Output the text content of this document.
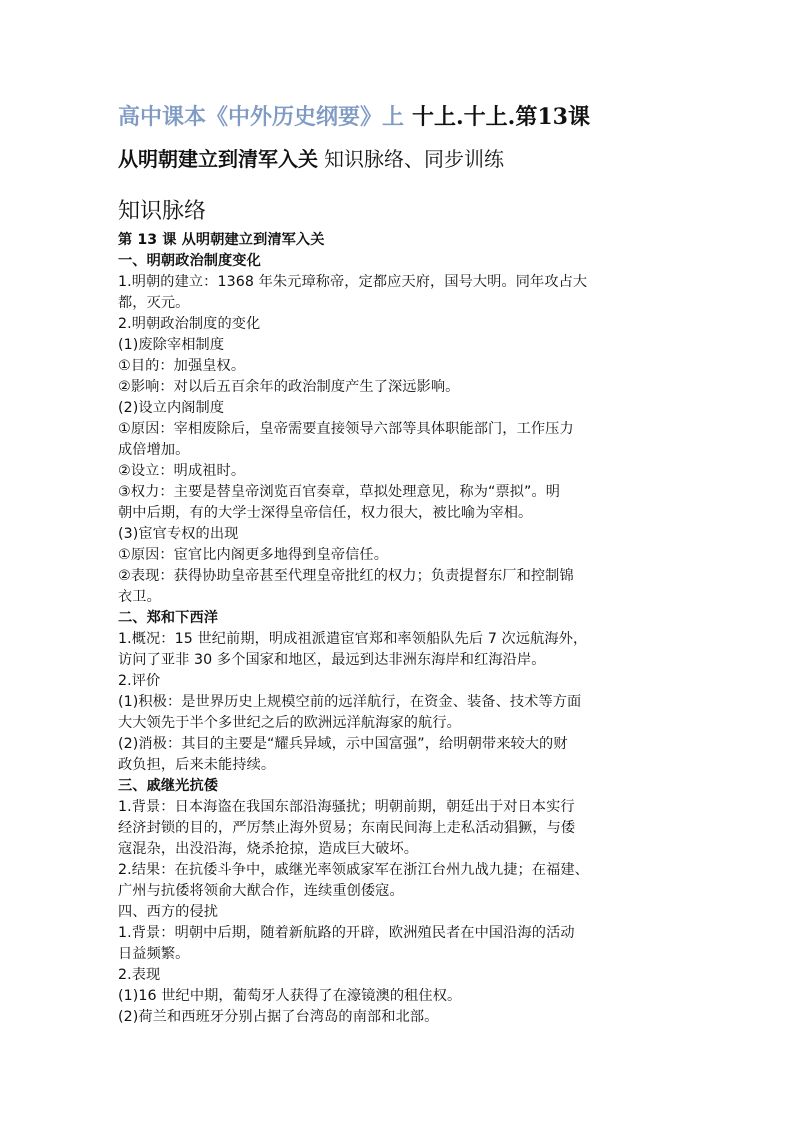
高中课本《中外历史纲要》上 十上.十上.第13课
从明朝建立到清军入关 知识脉络、同步训练
知识脉络
第 13 课 从明朝建立到清军入关
一、明朝政治制度变化
1.明朝的建立：1368 年朱元璋称帝，定都应天府，国号大明。同年攻占大
都，灭元。
2.明朝政治制度的变化
(1)废除宰相制度
①目的：加强皇权。
②影响：对以后五百余年的政治制度产生了深远影响。
(2)设立内阁制度
①原因：宰相废除后，皇帝需要直接领导六部等具体职能部门，工作压力
成倍增加。
②设立：明成祖时。
③权力：主要是替皇帝浏览百官奏章，草拟处理意见，称为“票拟”。明
朝中后期，有的大学士深得皇帝信任，权力很大，被比喻为宰相。
(3)宦官专权的出现
①原因：宦官比内阁更多地得到皇帝信任。
②表现：获得协助皇帝甚至代理皇帝批红的权力；负责提督东厂和控制锦
衣卫。
二、郑和下西洋
1.概况：15 世纪前期，明成祖派遣宦官郑和率领船队先后 7 次远航海外，
访问了亚非 30 多个国家和地区，最远到达非洲东海岸和红海沿岸。
2.评价
(1)积极：是世界历史上规模空前的远洋航行，在资金、装备、技术等方面
大大领先于半个多世纪之后的欧洲远洋航海家的航行。
(2)消极：其目的主要是“耀兵异域，示中国富强”，给明朝带来较大的财
政负担，后来未能持续。
三、戚继光抗倭
1.背景：日本海盗在我国东部沿海骚扰；明朝前期，朝廷出于对日本实行
经济封锁的目的，严厉禁止海外贸易；东南民间海上走私活动猖獗，与倭
寇混杂，出没沿海，烧杀抢掠，造成巨大破坏。
2.结果：在抗倭斗争中，戚继光率领戚家军在浙江台州九战九捷；在福建、
广州与抗倭将领俞大猷合作，连续重创倭寇。
四、西方的侵扰
1.背景：明朝中后期，随着新航路的开辟，欧洲殖民者在中国沿海的活动
日益频繁。
2.表现
(1)16 世纪中期，葡萄牙人获得了在濠镜澳的租住权。
(2)荷兰和西班牙分别占据了台湾岛的南部和北部。
